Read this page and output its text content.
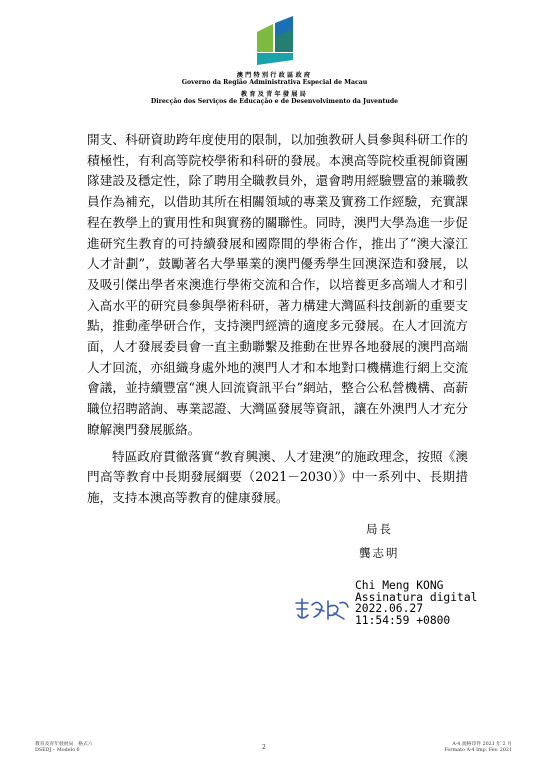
澳門特別行政區政府
Governo da Região Administrativa Especial de Macau
教育及青年發展局
Direcção dos Serviços de Educação e de Desenvolvimento da Juventude

開支、科研資助跨年度使用的限制，以加強教研人員參與科研工作的積極性，有利高等院校學術和科研的發展。本澳高等院校重視師資團隊建設及穩定性，除了聘用全職教員外，還會聘用經驗豐富的兼職教員作為補充，以借助其所在相關領域的專業及實務工作經驗，充實課程在教學上的實用性和與實務的關聯性。同時，澳門大學為進一步促進研究生教育的可持續發展和國際間的學術合作，推出了“澳大濠江人才計劃”，鼓勵著名大學畢業的澳門優秀學生回澳深造和發展，以及吸引傑出學者來澳進行學術交流和合作，以培養更多高端人才和引入高水平的研究員參與學術科研，著力構建大灣區科技創新的重要支點，推動產學研合作，支持澳門經濟的適度多元發展。在人才回流方面，人才發展委員會一直主動聯繫及推動在世界各地發展的澳門高端人才回流，亦組織身處外地的澳門人才和本地對口機構進行網上交流會議，並持續豐富“澳人回流資訊平台”網站，整合公私營機構、高薪職位招聘諮詢、專業認證、大灣區發展等資訊，讓在外澳門人才充分瞭解澳門發展脈絡。

特區政府貫徹落實“教育興澳、人才建澳”的施政理念，按照《澳門高等教育中長期發展綱要（2021－2030）》中一系列中、長期措施，支持本澳高等教育的健康發展。

局長
龔志明
Chi Meng KONG
Assinatura digital
2022.06.27
11:54:59 +0800
教育及青年發展局　格式六
DSEDJ – Modelo 6	2	A-4 規格印件 2021 年 2 月
Formato A-4 Imp. Fev. 2021
